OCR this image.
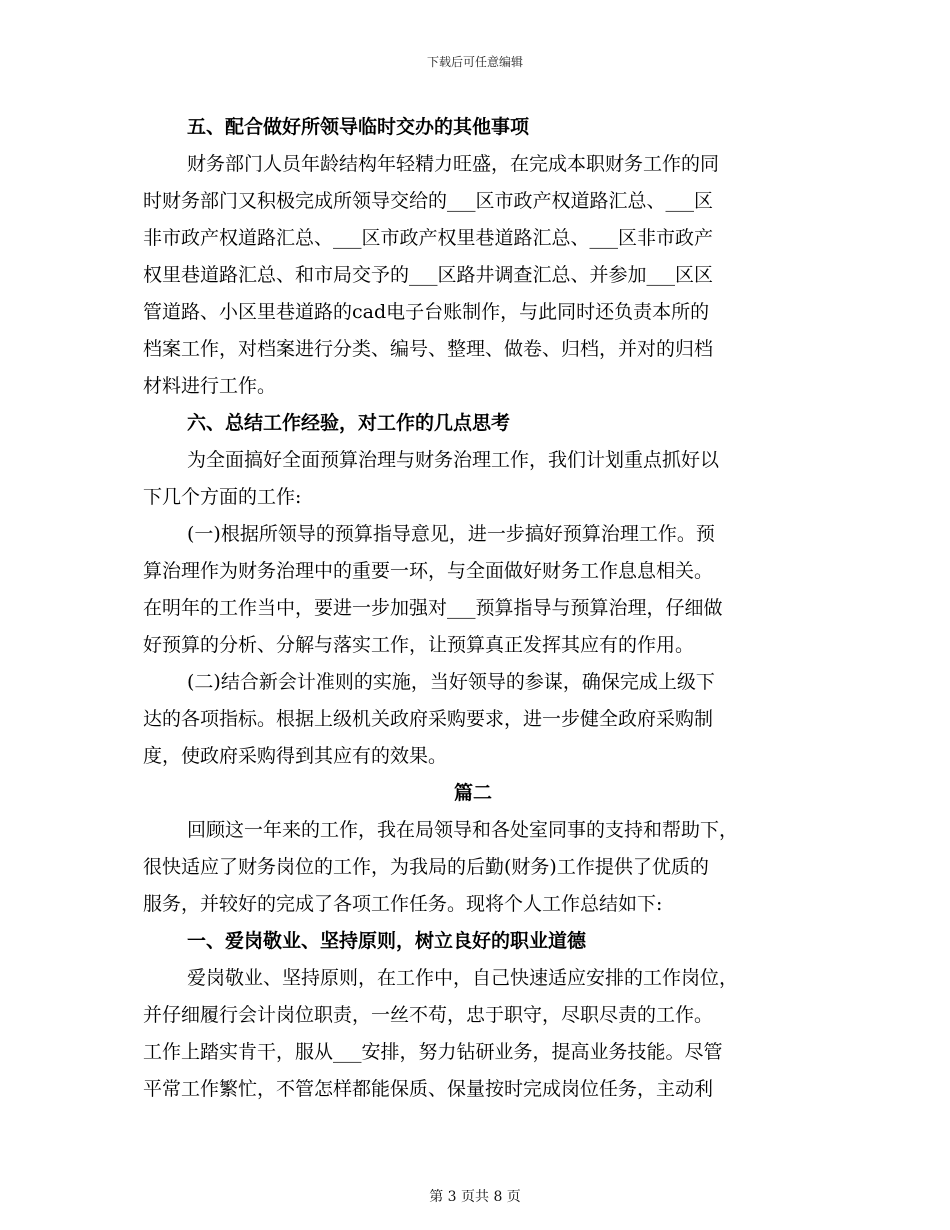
下载后可任意编辑
五、配合做好所领导临时交办的其他事项
财务部门人员年龄结构年轻精力旺盛，在完成本职财务工作的同
时财务部门又积极完成所领导交给的___区市政产权道路汇总、___区
非市政产权道路汇总、___区市政产权里巷道路汇总、___区非市政产
权里巷道路汇总、和市局交予的___区路井调查汇总、并参加___区区
管道路、小区里巷道路的cad电子台账制作，与此同时还负责本所的
档案工作，对档案进行分类、编号、整理、做卷、归档，并对的归档
材料进行工作。
六、总结工作经验，对工作的几点思考
为全面搞好全面预算治理与财务治理工作，我们计划重点抓好以
下几个方面的工作:
(一)根据所领导的预算指导意见，进一步搞好预算治理工作。预
算治理作为财务治理中的重要一环，与全面做好财务工作息息相关。
在明年的工作当中，要进一步加强对___预算指导与预算治理，仔细做
好预算的分析、分解与落实工作，让预算真正发挥其应有的作用。
(二)结合新会计准则的实施，当好领导的参谋，确保完成上级下
达的各项指标。根据上级机关政府采购要求，进一步健全政府采购制
度，使政府采购得到其应有的效果。
篇二
回顾这一年来的工作，我在局领导和各处室同事的支持和帮助下，
很快适应了财务岗位的工作，为我局的后勤(财务)工作提供了优质的
服务，并较好的完成了各项工作任务。现将个人工作总结如下:
一、爱岗敬业、坚持原则，树立良好的职业道德
爱岗敬业、坚持原则，在工作中，自己快速适应安排的工作岗位，
并仔细履行会计岗位职责，一丝不苟，忠于职守，尽职尽责的工作。
工作上踏实肯干，服从___安排，努力钻研业务，提高业务技能。尽管
平常工作繁忙，不管怎样都能保质、保量按时完成岗位任务，主动利
第 3 页共 8 页
